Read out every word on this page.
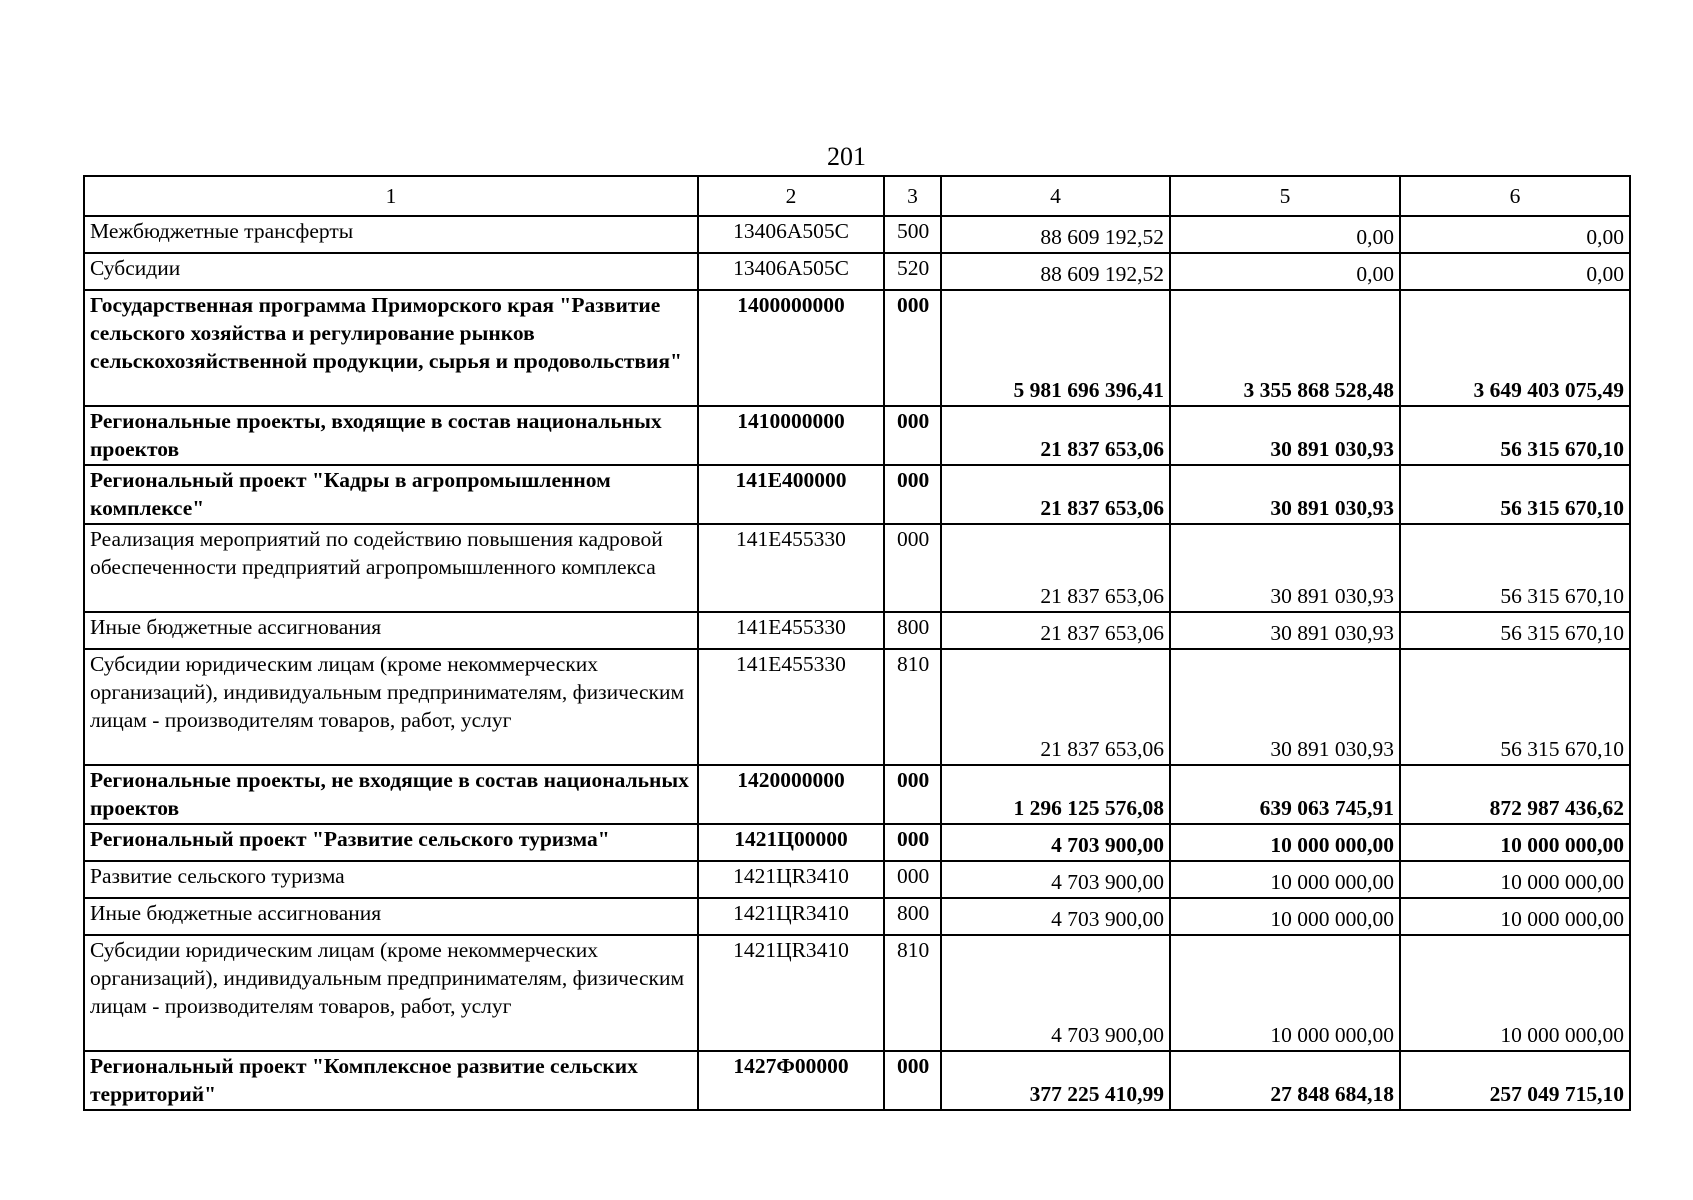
201
1	2	3	4	5	6
Межбюджетные трансферты	13406A505C	500	88 609 192,52	0,00	0,00
Субсидии	13406A505C	520	88 609 192,52	0,00	0,00
Государственная программа Приморского края "Развитие сельского хозяйства и регулирование рынков сельскохозяйственной продукции, сырья и продовольствия"	1400000000	000	5 981 696 396,41	3 355 868 528,48	3 649 403 075,49
Региональные проекты, входящие в состав национальных проектов	1410000000	000	21 837 653,06	30 891 030,93	56 315 670,10
Региональный проект "Кадры в агропромышленном комплексе"	141E400000	000	21 837 653,06	30 891 030,93	56 315 670,10
Реализация мероприятий по содействию повышения кадровой обеспеченности предприятий агропромышленного комплекса	141E455330	000	21 837 653,06	30 891 030,93	56 315 670,10
Иные бюджетные ассигнования	141E455330	800	21 837 653,06	30 891 030,93	56 315 670,10
Субсидии юридическим лицам (кроме некоммерческих организаций), индивидуальным предпринимателям, физическим лицам - производителям товаров, работ, услуг	141E455330	810	21 837 653,06	30 891 030,93	56 315 670,10
Региональные проекты, не входящие в состав национальных проектов	1420000000	000	1 296 125 576,08	639 063 745,91	872 987 436,62
Региональный проект "Развитие сельского туризма"	1421Ц00000	000	4 703 900,00	10 000 000,00	10 000 000,00
Развитие сельского туризма	1421ЦR3410	000	4 703 900,00	10 000 000,00	10 000 000,00
Иные бюджетные ассигнования	1421ЦR3410	800	4 703 900,00	10 000 000,00	10 000 000,00
Субсидии юридическим лицам (кроме некоммерческих организаций), индивидуальным предпринимателям, физическим лицам - производителям товаров, работ, услуг	1421ЦR3410	810	4 703 900,00	10 000 000,00	10 000 000,00
Региональный проект "Комплексное развитие сельских территорий"	1427Ф00000	000	377 225 410,99	27 848 684,18	257 049 715,10
